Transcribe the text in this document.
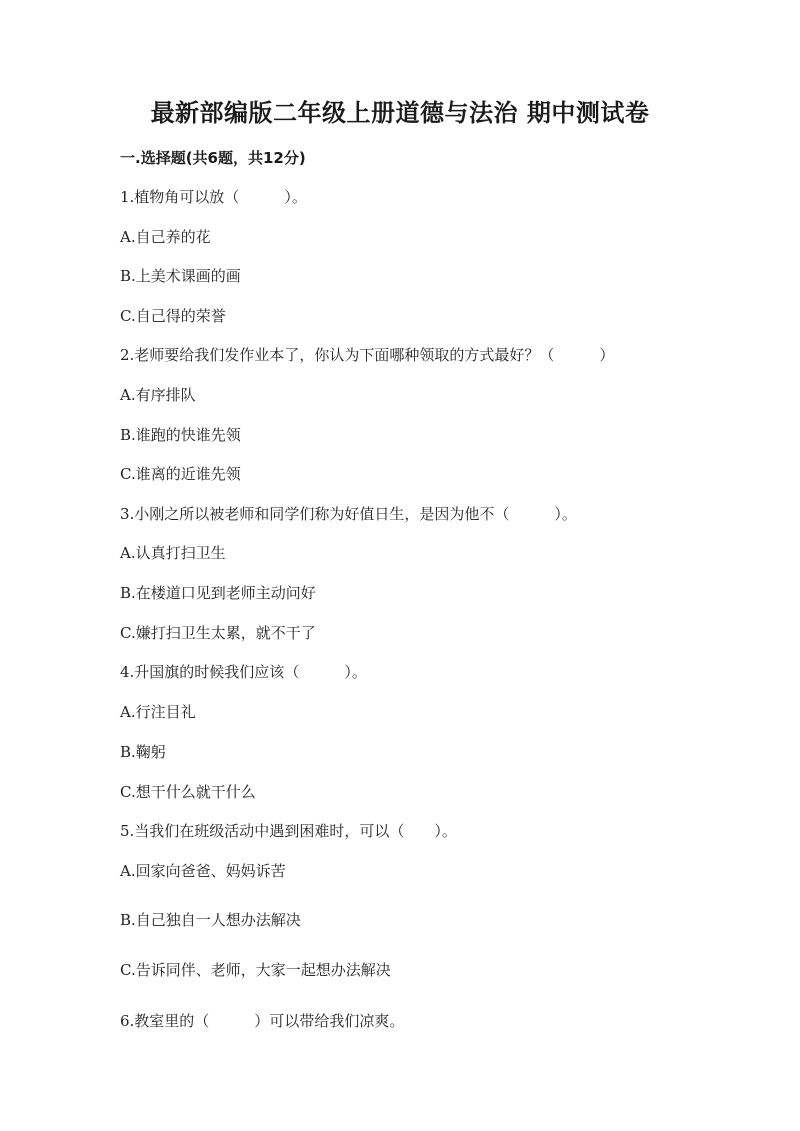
最新部编版二年级上册道德与法治 期中测试卷
一.选择题(共6题，共12分)
1.植物角可以放（　　　）。
A.自己养的花
B.上美术课画的画
C.自己得的荣誉
2.老师要给我们发作业本了，你认为下面哪种领取的方式最好？（　　　）
A.有序排队
B.谁跑的快谁先领
C.谁离的近谁先领
3.小刚之所以被老师和同学们称为好值日生，是因为他不（　　　）。
A.认真打扫卫生
B.在楼道口见到老师主动问好
C.嫌打扫卫生太累，就不干了
4.升国旗的时候我们应该（　　　）。
A.行注目礼
B.鞠躬
C.想干什么就干什么
5.当我们在班级活动中遇到困难时，可以（　　）。
A.回家向爸爸、妈妈诉苦
B.自己独自一人想办法解决
C.告诉同伴、老师，大家一起想办法解决
6.教室里的（　　　）可以带给我们凉爽。
